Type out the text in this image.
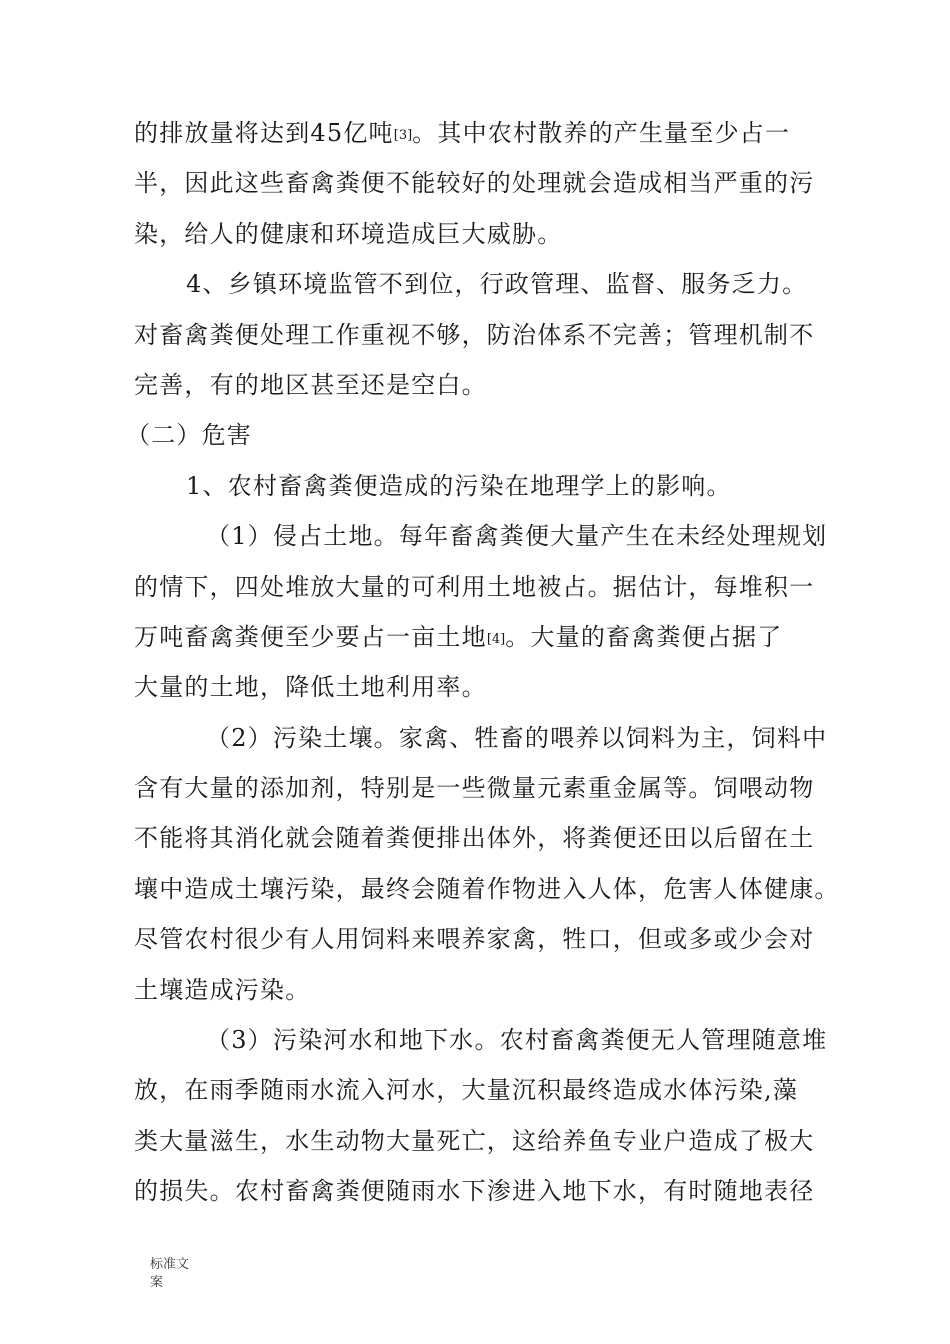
的排放量将达到45亿吨[3]。其中农村散养的产生量至少占一
半，因此这些畜禽粪便不能较好的处理就会造成相当严重的污
染，给人的健康和环境造成巨大威胁。
4、乡镇环境监管不到位，行政管理、监督、服务乏力。
对畜禽粪便处理工作重视不够，防治体系不完善；管理机制不
完善，有的地区甚至还是空白。
（二）危害
1、农村畜禽粪便造成的污染在地理学上的影响。
（1）侵占土地。每年畜禽粪便大量产生在未经处理规划
的情下，四处堆放大量的可利用土地被占。据估计，每堆积一
万吨畜禽粪便至少要占一亩土地[4]。大量的畜禽粪便占据了
大量的土地，降低土地利用率。
（2）污染土壤。家禽、牲畜的喂养以饲料为主，饲料中
含有大量的添加剂，特别是一些微量元素重金属等。饲喂动物
不能将其消化就会随着粪便排出体外，将粪便还田以后留在土
壤中造成土壤污染，最终会随着作物进入人体，危害人体健康。
尽管农村很少有人用饲料来喂养家禽，牲口，但或多或少会对
土壤造成污染。
（3）污染河水和地下水。农村畜禽粪便无人管理随意堆
放，在雨季随雨水流入河水，大量沉积最终造成水体污染,藻
类大量滋生，水生动物大量死亡，这给养鱼专业户造成了极大
的损失。农村畜禽粪便随雨水下渗进入地下水，有时随地表径
标准文
案
